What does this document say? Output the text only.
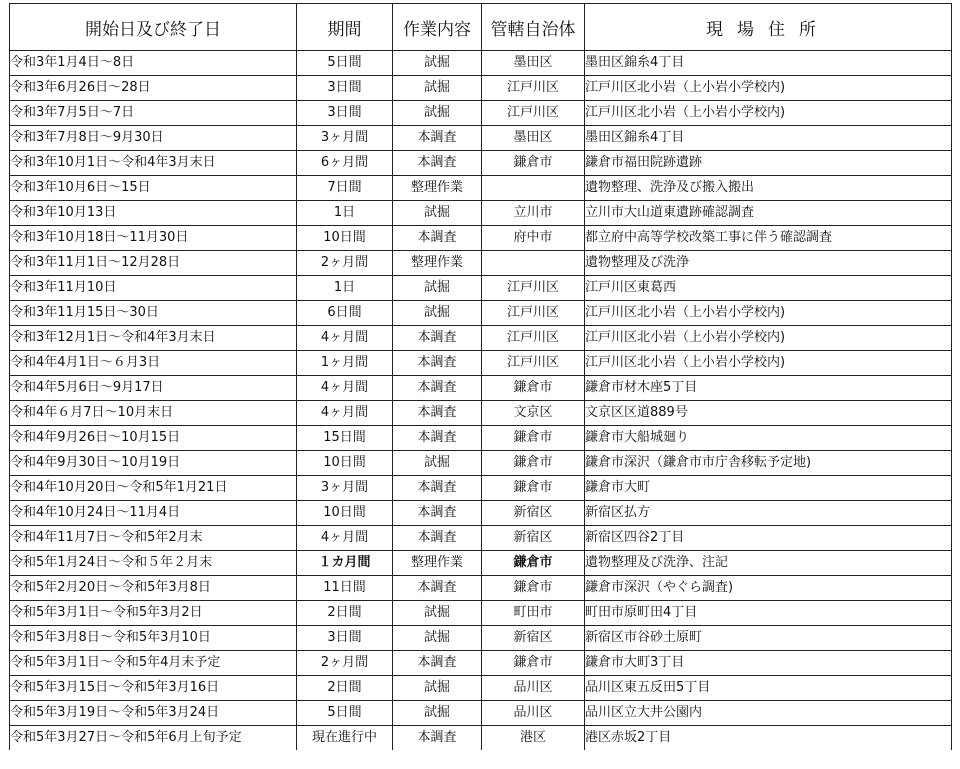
開始日及び終了日	期間	作業内容	管轄自治体	現場住所
令和3年1月4日～8日	5日間	試掘	墨田区	墨田区錦糸4丁目
令和3年6月26日～28日	3日間	試掘	江戸川区	江戸川区北小岩（上小岩小学校内)
令和3年7月5日～7日	3日間	試掘	江戸川区	江戸川区北小岩（上小岩小学校内)
令和3年7月8日～9月30日	3ヶ月間	本調査	墨田区	墨田区錦糸4丁目
令和3年10月1日～令和4年3月末日	6ヶ月間	本調査	鎌倉市	鎌倉市福田院跡遺跡
令和3年10月6日～15日	7日間	整理作業		遺物整理、洗浄及び搬入搬出
令和3年10月13日	1日	試掘	立川市	立川市大山道東遺跡確認調査
令和3年10月18日～11月30日	10日間	本調査	府中市	都立府中高等学校改築工事に伴う確認調査
令和3年11月1日～12月28日	2ヶ月間	整理作業		遺物整理及び洗浄
令和3年11月10日	1日	試掘	江戸川区	江戸川区東葛西
令和3年11月15日～30日	6日間	試掘	江戸川区	江戸川区北小岩（上小岩小学校内)
令和3年12月1日～令和4年3月末日	4ヶ月間	本調査	江戸川区	江戸川区北小岩（上小岩小学校内)
令和4年4月1日～６月3日	1ヶ月間	本調査	江戸川区	江戸川区北小岩（上小岩小学校内)
令和4年5月6日～9月17日	4ヶ月間	本調査	鎌倉市	鎌倉市材木座5丁目
令和4年６月7日～10月末日	4ヶ月間	本調査	文京区	文京区区道889号
令和4年9月26日～10月15日	15日間	本調査	鎌倉市	鎌倉市大船城廻り
令和4年9月30日～10月19日	10日間	試掘	鎌倉市	鎌倉市深沢（鎌倉市市庁舎移転予定地)
令和4年10月20日～令和5年1月21日	3ヶ月間	本調査	鎌倉市	鎌倉市大町
令和4年10月24日～11月4日	10日間	本調査	新宿区	新宿区払方
令和4年11月7日～令和5年2月末	4ヶ月間	本調査	新宿区	新宿区四谷2丁目
令和5年1月24日～令和５年２月末	１カ月間	整理作業	鎌倉市	遺物整理及び洗浄、注記
令和5年2月20日～令和5年3月8日	11日間	本調査	鎌倉市	鎌倉市深沢（やぐら調査)
令和5年3月1日～令和5年3月2日	2日間	試掘	町田市	町田市原町田4丁目
令和5年3月8日～令和5年3月10日	3日間	試掘	新宿区	新宿区市谷砂土原町
令和5年3月1日～令和5年4月末予定	2ヶ月間	本調査	鎌倉市	鎌倉市大町3丁目
令和5年3月15日～令和5年3月16日	2日間	試掘	品川区	品川区東五反田5丁目
令和5年3月19日～令和5年3月24日	5日間	試掘	品川区	品川区立大井公園内
令和5年3月27日～令和5年6月上旬予定	現在進行中	本調査	港区	港区赤坂2丁目
